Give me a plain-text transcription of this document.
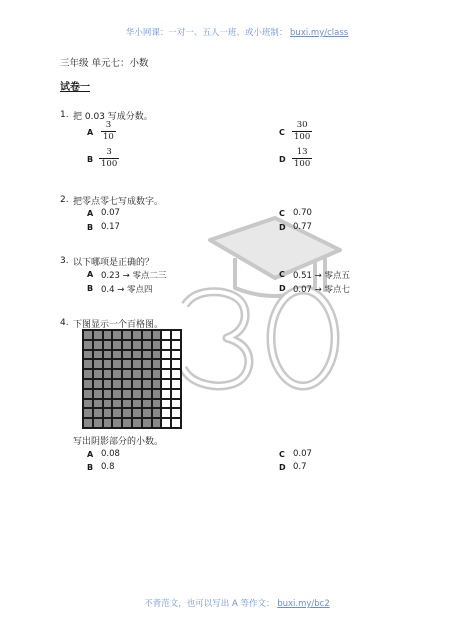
华小网课：一对一、五人一班、或小班制： buxi.my/class
三年级 单元七：小数
试卷一
1. 把 0.03 写成分数。
A $\frac{3}{10}$
B $\frac{3}{100}$
C $\frac{30}{100}$
D $\frac{13}{100}$
2. 把零点零七写成数字。
A 0.07
B 0.17
C 0.70
D 0.77
3. 以下哪项是正确的？
A 0.23 → 零点二三
B 0.4 → 零点四
C 0.51 → 零点五
D 0.07 → 零点七
4. 下图显示一个百格图。
写出阴影部分的小数。
A 0.08
B 0.8
C 0.07
D 0.7
不背范文，也可以写出 A 等作文： buxi.my/bc2
